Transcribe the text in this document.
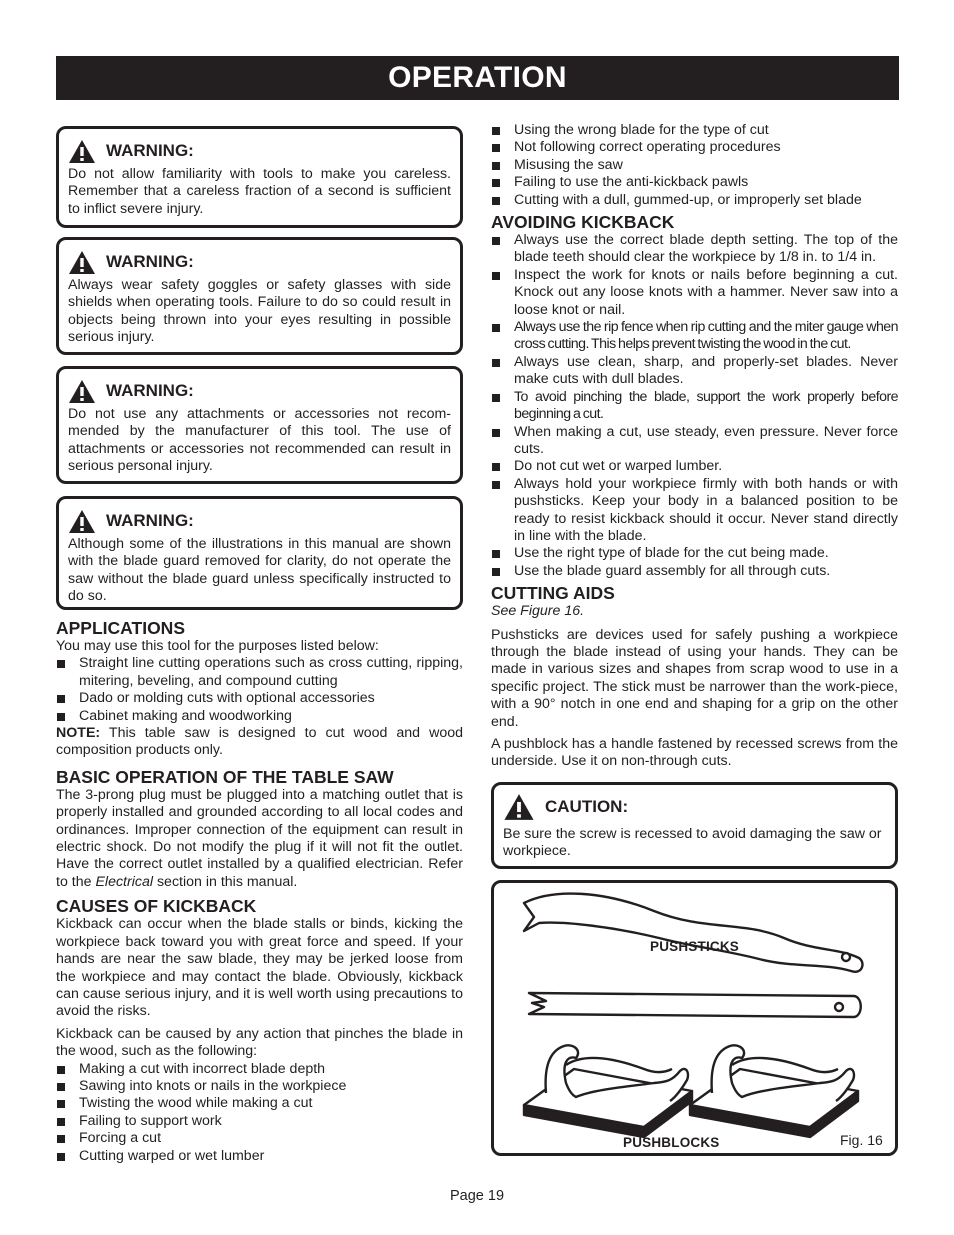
OPERATION
WARNING:

Do not allow familiarity with tools to make you careless. Remember that a careless fraction of a second is sufficient to inflict severe injury.

WARNING:

Always wear safety goggles or safety glasses with side shields when operating tools. Failure to do so could result in objects being thrown into your eyes resulting in possible serious injury.

WARNING:

Do not use any attachments or accessories not recom-mended by the manufacturer of this tool. The use of attachments or accessories not recommended can result in serious personal injury.

WARNING:

Although some of the illustrations in this manual are shown with the blade guard removed for clarity, do not operate the saw without the blade guard unless specifically instructed to do so.

APPLICATIONS

You may use this tool for the purposes listed below:

Straight line cutting operations such as cross cutting, ripping, mitering, beveling, and compound cutting
Dado or molding cuts with optional accessories
Cabinet making and woodworking

NOTE: This table saw is designed to cut wood and wood composition products only.

BASIC OPERATION OF THE TABLE SAW

The 3-prong plug must be plugged into a matching outlet that is properly installed and grounded according to all local codes and ordinances. Improper connection of the equipment can result in electric shock. Do not modify the plug if it will not fit the outlet. Have the correct outlet installed by a qualified electrician. Refer to the Electrical section in this manual.

CAUSES OF KICKBACK

Kickback can occur when the blade stalls or binds, kicking the workpiece back toward you with great force and speed. If your hands are near the saw blade, they may be jerked loose from the workpiece and may contact the blade. Obviously, kickback can cause serious injury, and it is well worth using precautions to avoid the risks.

Kickback can be caused by any action that pinches the blade in the wood, such as the following:

Making a cut with incorrect blade depth
Sawing into knots or nails in the workpiece
Twisting the wood while making a cut
Failing to support work
Forcing a cut
Cutting warped or wet lumber
Using the wrong blade for the type of cut
Not following correct operating procedures
Misusing the saw
Failing to use the anti-kickback pawls
Cutting with a dull, gummed-up, or improperly set blade
AVOIDING KICKBACK
Always use the correct blade depth setting. The top of the blade teeth should clear the workpiece by 1/8 in. to 1/4 in.
Inspect the work for knots or nails before beginning a cut. Knock out any loose knots with a hammer. Never saw into a loose knot or nail.
Always use the rip fence when rip cutting and the miter gauge when cross cutting. This helps prevent twisting the wood in the cut.
Always use clean, sharp, and properly-set blades. Never make cuts with dull blades.
To avoid pinching the blade, support the work properly before beginning a cut.
When making a cut, use steady, even pressure. Never force cuts.
Do not cut wet or warped lumber.
Always hold your workpiece firmly with both hands or with pushsticks. Keep your body in a balanced position to be ready to resist kickback should it occur. Never stand directly in line with the blade.
Use the right type of blade for the cut being made.
Use the blade guard assembly for all through cuts.
CUTTING AIDS

See Figure 16.

Pushsticks are devices used for safely pushing a workpiece through the blade instead of using your hands. They can be made in various sizes and shapes from scrap wood to use in a specific project. The stick must be narrower than the work-piece, with a 90° notch in one end and shaping for a grip on the other end.

A pushblock has a handle fastened by recessed screws from the underside. Use it on non-through cuts.

CAUTION:

Be sure the screw is recessed to avoid damaging the saw or workpiece.

PUSHSTICKS
PUSHBLOCKS	Fig. 16
Page 19
